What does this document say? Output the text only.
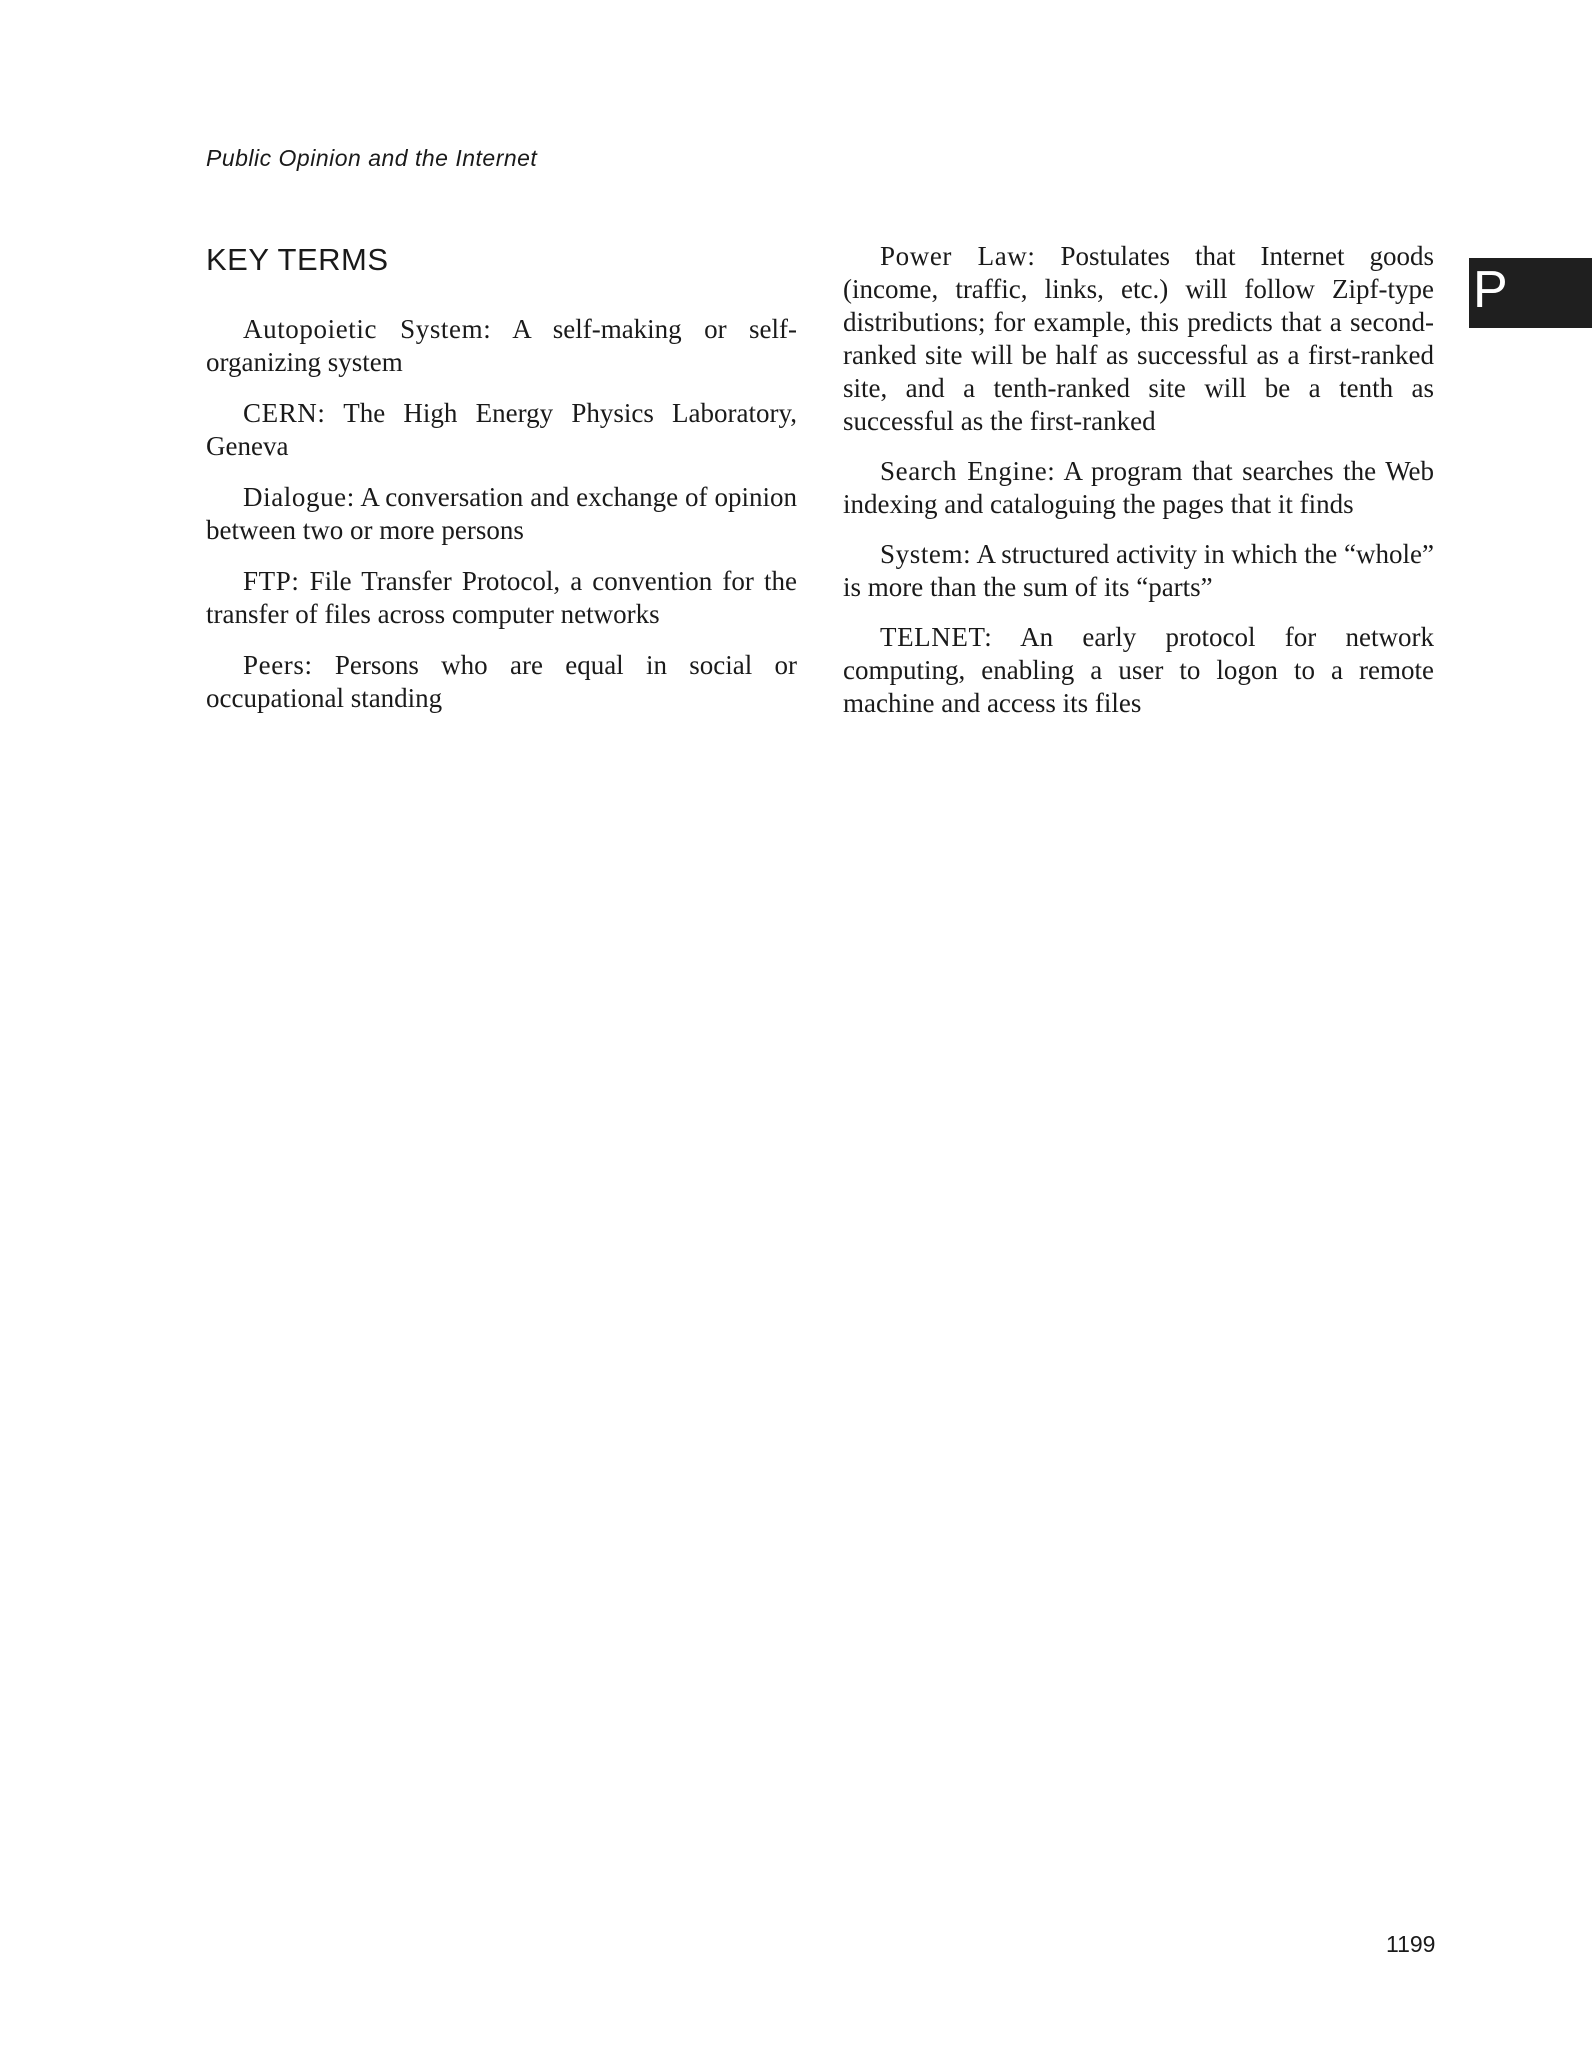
Public Opinion and the Internet
P
KEY TERMS

Autopoietic System: A self-making or self-organizing system

CERN: The High Energy Physics Laboratory, Geneva

Dialogue: A conversation and exchange of opinion between two or more persons

FTP: File Transfer Protocol, a convention for the transfer of files across computer networks

Peers: Persons who are equal in social or occupational standing

Power Law: Postulates that Internet goods (income, traffic, links, etc.) will follow Zipf-type distributions; for example, this predicts that a second-ranked site will be half as successful as a first-ranked site, and a tenth-ranked site will be a tenth as successful as the first-ranked

Search Engine: A program that searches the Web indexing and cataloguing the pages that it finds

System: A structured activity in which the “whole” is more than the sum of its “parts”

TELNET: An early protocol for network computing, enabling a user to logon to a remote machine and access its files

1199
